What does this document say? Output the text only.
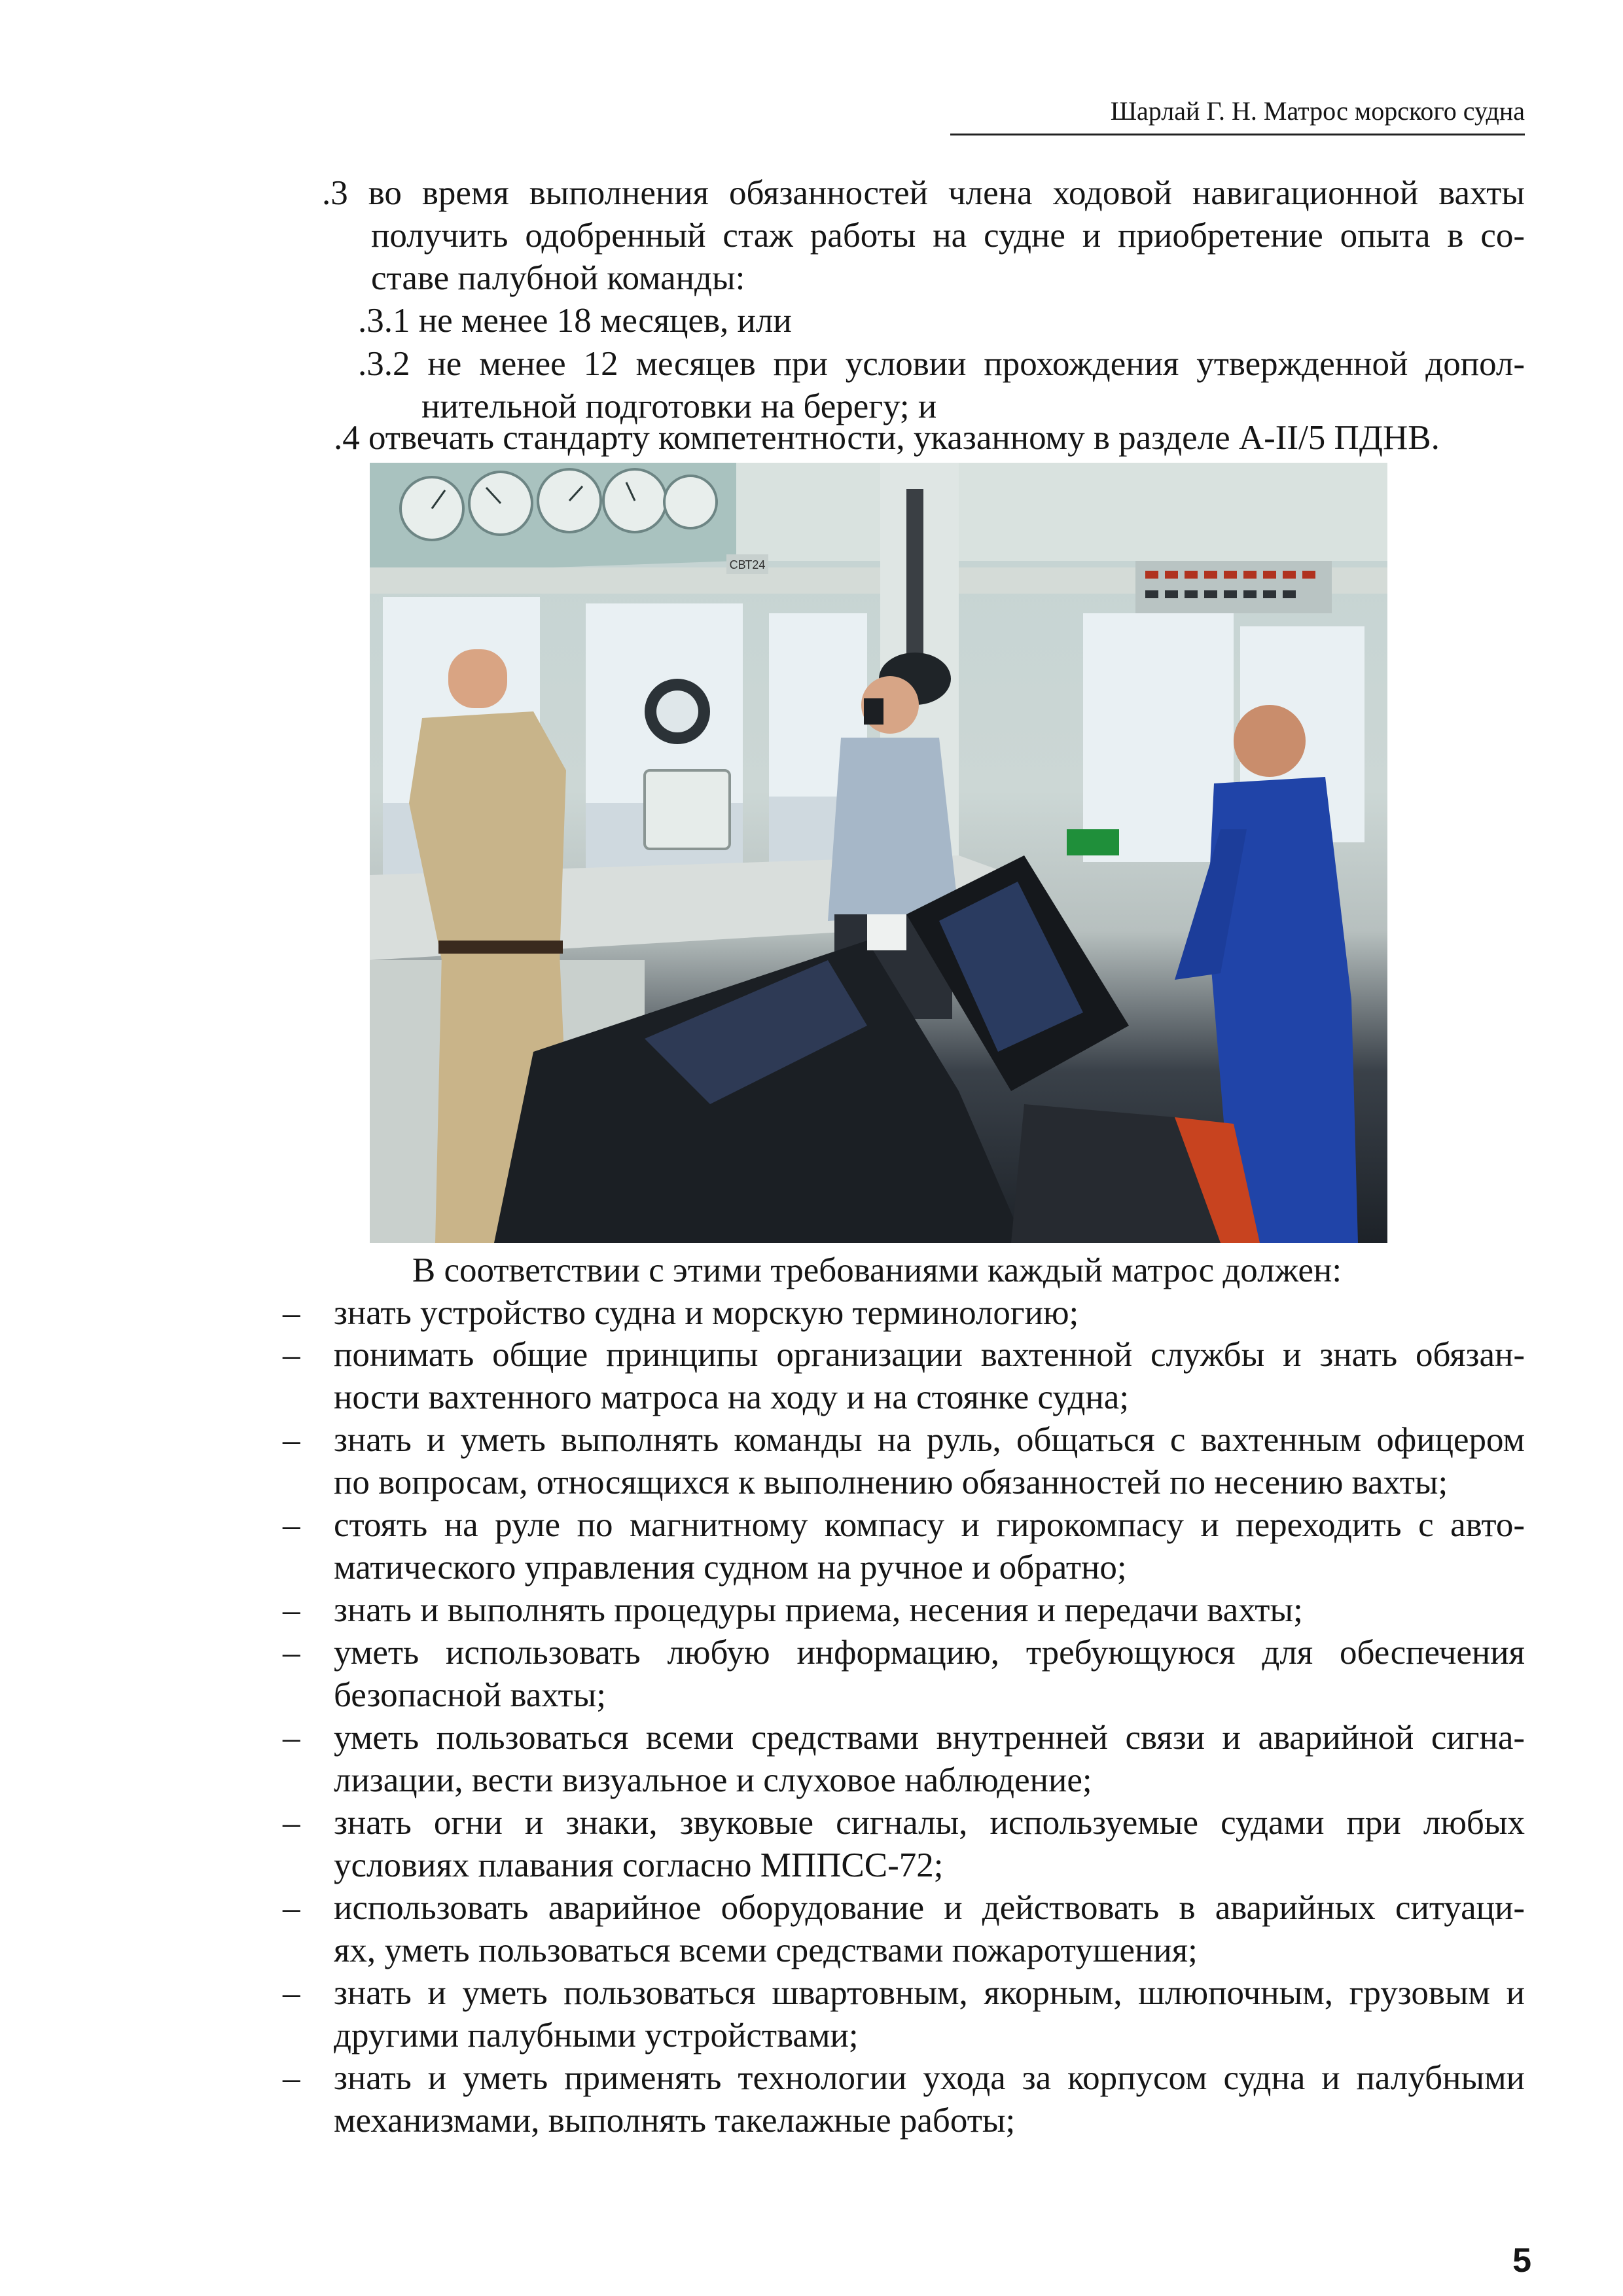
Шарлай Г. Н. Матрос морского судна
.3 во время выполнения обязанностей члена ходовой навигационной вахты
получить одобренный стаж работы на судне и приобретение опыта в со-
ставе палубной команды:
.3.1 не менее 18 месяцев, или
.3.2 не менее 12 месяцев при условии прохождения утвержденной допол-
нительной подготовки на берегу; и
.4 отвечать стандарту компетентности, указанному в разделе A-II/5 ПДНВ.
СВТ24
В соответствии с этими требованиями каждый матрос должен:
– знать устройство судна и морскую терминологию;
– понимать общие принципы организации вахтенной службы и знать обязан-
ности вахтенного матроса на ходу и на стоянке судна;
– знать и уметь выполнять команды на руль, общаться с вахтенным офицером
по вопросам, относящихся к выполнению обязанностей по несению вахты;
– стоять на руле по магнитному компасу и гирокомпасу и переходить с авто-
матического управления судном на ручное и обратно;
– знать и выполнять процедуры приема, несения и передачи вахты;
– уметь использовать любую информацию, требующуюся для обеспечения
безопасной вахты;
– уметь пользоваться всеми средствами внутренней связи и аварийной сигна-
лизации, вести визуальное и слуховое наблюдение;
– знать огни и знаки, звуковые сигналы, используемые судами при любых
условиях плавания согласно МППСС-72;
– использовать аварийное оборудование и действовать в аварийных ситуаци-
ях, уметь пользоваться всеми средствами пожаротушения;
– знать и уметь пользоваться швартовным, якорным, шлюпочным, грузовым и
другими палубными устройствами;
– знать и уметь применять технологии ухода за корпусом судна и палубными
механизмами, выполнять такелажные работы;
5
